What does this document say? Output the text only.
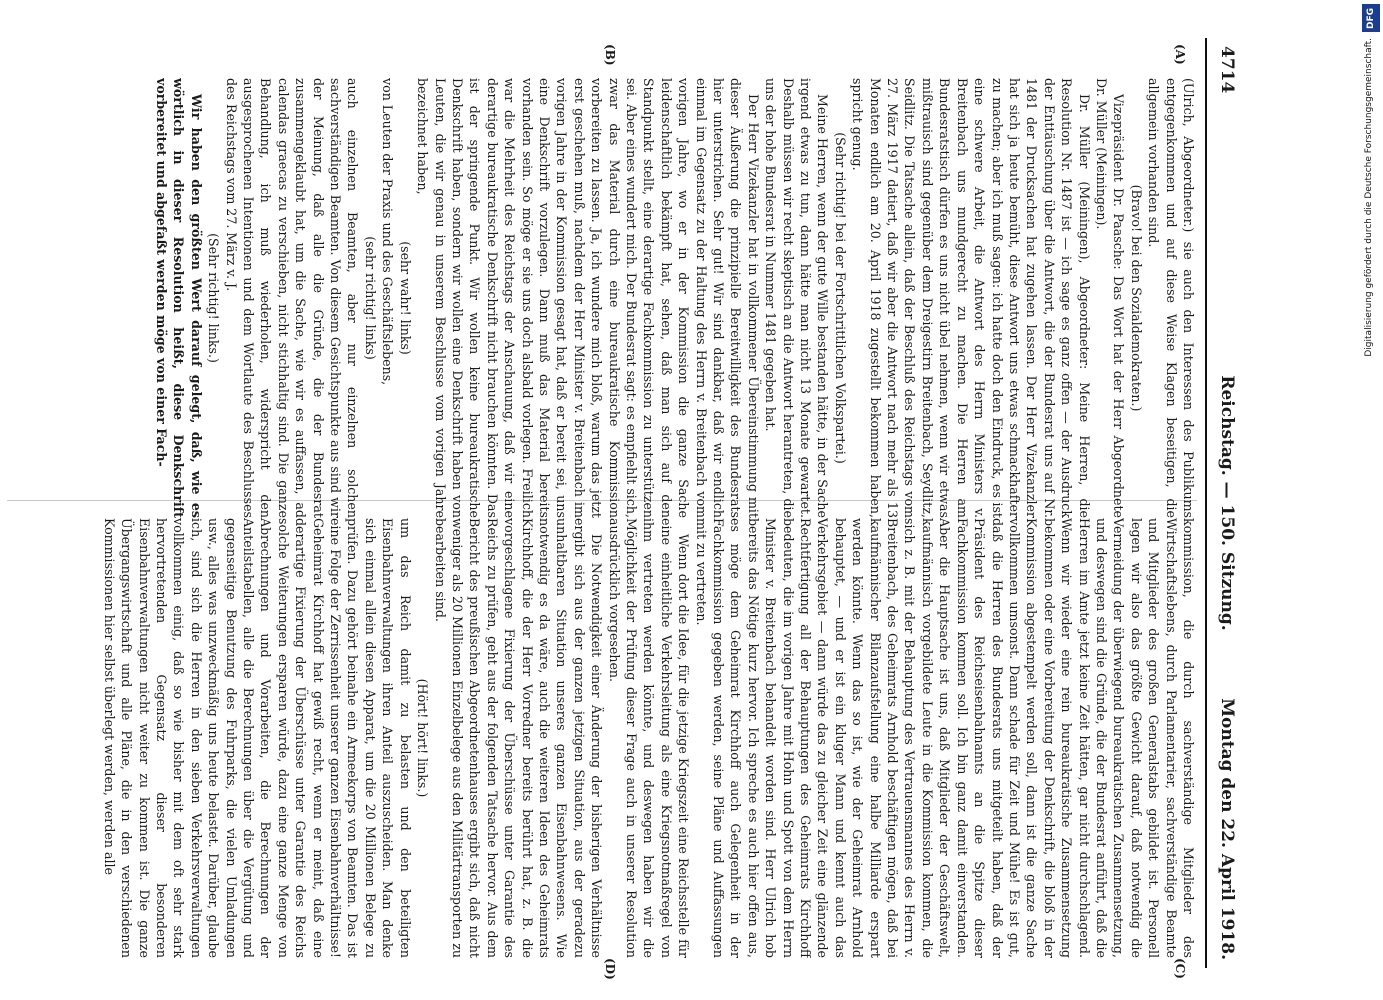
4714
Reichstag. — 150. Sitzung.
Montag den 22. April 1918.
(A)
(B)
(C)
(D)

(Ulrich, Abgeordneter.) sie auch den Interessen des Publikums entgegenkommen und auf diese Weise Klagen beseitigen, die allgemein vorhanden sind.

(Bravo! bei den Sozialdemokraten.)

Vizepräsident Dr. Paasche: Das Wort hat der Herr Abgeordnete Dr. Müller (Meiningen).

Dr. Müller (Meiningen), Abgeordneter: Meine Herren, die Resolution Nr. 1487 ist — ich sage es ganz offen — der Ausdruck der Enttäuschung über die Antwort, die der Bundesrat uns auf Nr. 1481 der Drucksachen hat zugehen lassen. Der Herr Vizekanzler hat sich ja heute bemüht, diese Antwort uns etwas schmackhafter zu machen; aber ich muß sagen: ich hatte doch den Eindruck, es ist eine schwere Arbeit, die Antwort des Herrn Ministers v. Breitenbach uns mundgerecht zu machen. Die Herren am Bundesratstisch dürfen es uns nicht übel nehmen, wenn wir etwas mißtrauisch sind gegenüber dem Dreigestirn Breitenbach, Seydlitz, Seidlitz. Die Tatsache allein, daß der Beschluß des Reichstags vom 27. März 1917 datiert, daß wir aber die Antwort nach mehr als 13 Monaten endlich am 20. April 1918 zugestellt bekommen haben, spricht genug.

(Sehr richtig! bei der Fortschrittlichen Volkspartei.)

Meine Herren, wenn der gute Wille bestanden hätte, in der Sache irgend etwas zu tun, dann hätte man nicht 13 Monate gewartet. Deshalb müssen wir recht skeptisch an die Antwort herantreten, die uns der hohe Bundesrat in Nummer 1481 gegeben hat.

Der Herr Vizekanzler hat in vollkommener Übereinstimmung mit dieser Äußerung die prinzipielle Bereitwilligkeit des Bundesrats hier unterstrichen. Sehr gut! Wir sind dankbar, daß wir endlich einmal im Gegensatz zu der Haltung des Herrn v. Breitenbach vom vorigen Jahre, wo er in der Kommission die ganze Sache leidenschaftlich bekämpft hat, sehen, daß man sich auf den Standpunkt stellt, eine derartige Fachkommission zu unterstützen sei. Aber eines wundert mich. Der Bundesrat sagt: es empfiehlt sich, zwar das Material durch eine bureaukratische Kommission vorbereiten zu lassen. Ja, ich wundere mich bloß, warum das jetzt erst geschehen muß, nachdem der Herr Minister v. Breitenbach im vorigen Jahre in der Kommission gesagt hat, daß er bereit sei, uns eine Denkschrift vorzulegen. Dann muß das Material bereits vorhanden sein. So möge er sie uns doch alsbald vorlegen. Freilich war die Mehrheit des Reichstags der Anschauung, daß wir eine derartige bureaukratische Denkschrift nicht brauchen könnten. Das ist der springende Punkt. Wir wollen keine bureaukratische Denkschrift haben, sondern wir wollen eine Denkschrift haben von Leuten, die wir genau in unserem Beschlusse vom vorigen Jahre bezeichnet haben,

(sehr wahr! links)

von Leuten der Praxis und des Geschäftslebens,

(sehr richtig! links)

auch einzelnen Beamten, aber nur einzelnen solchen sachverständigen Beamten. Von diesem Gesichtspunkte aus sind wir der Meinung, daß alle die Gründe, die der Bundesrat zusammengeklaubt hat, um die Sache, wie wir es auffassen, ad calendas graecas zu verschieben, nicht stichhaltig sind. Die ganze Behandlung, ich muß wiederholen, widerspricht den ausgesprochenen Intentionen und dem Wortlaute des Beschlusses des Reichstags vom 27. März v. J.

(Sehr richtig! links.)

Wir haben den größten Wert darauf gelegt, daß, wie es wörtlich in dieser Resolution heißt, diese Denkschrift vorbereitet und abgefaßt werden möge von einer Fach-

kommission, die durch sachverständige Mitglieder des Wirtschaftslebens, durch Parlamentarier, sachverständige Beamte und Mitglieder des großen Generalstabs gebildet ist. Personell legen wir also das größte Gewicht darauf, daß notwendig die Vermeidung der überwiegend bureaukratischen Zusammensetzung, und deswegen sind die Gründe, die der Bundesrat anführt, daß die Herren im Amte jetzt keine Zeit hätten, gar nicht durchschlagend. Wenn wir wieder eine rein bureaukratische Zusammensetzung bekommen oder eine Vorbereitung der Denkschrift, die bloß in der Kommission abgestempelt werden soll, dann ist die ganze Sache vollkommen umsonst. Dann schade für Zeit und Mühe! Es ist gut, daß die Herren des Bundesrats uns mitgeteilt haben, daß der Präsident des Reichseisenbahnamts an die Spitze dieser Fachkommission kommen soll. Ich bin ganz damit einverstanden. Aber die Hauptsache ist uns, daß Mitglieder der Geschäftswelt, kaufmännisch vorgebildete Leute in die Kommission kommen, die sich z. B. mit der Behauptung des Vertrauensmannes des Herrn v. Breitenbach, des Geheimrats Arnhold beschäftigen mögen, daß bei kaufmännischer Bilanzaufstellung eine halbe Milliarde erspart werden könnte. Wenn das so ist, wie der Geheimrat Arnhold behauptet, — und er ist ein kluger Mann und kennt auch das Verkehrsgebiet — dann würde das zu gleicher Zeit eine glänzende Rechtfertigung all der Behauptungen des Geheimrats Kirchhoff bedeuten, die im vorigen Jahre mit Hohn und Spott von dem Herrn Minister v. Breitenbach behandelt worden sind. Herr Ulrich hob bereits das Nötige kurz hervor. Ich spreche es auch hier offen aus, es möge dem Geheimrat Kirchhoff auch Gelegenheit in der Fachkommission gegeben werden, seine Pläne und Auffassungen mit zu vertreten.

Wenn dort die Idee, für die jetzige Kriegszeit eine Reichsstelle für eine einheitliche Verkehrsleitung als eine Kriegsnotmaßregel von ihm vertreten werden könnte, und deswegen haben wir die Möglichkeit der Prüfung dieser Frage auch in unserer Resolution ausdrücklich vorgesehen.

Die Notwendigkeit einer Änderung der bisherigen Verhältnisse ergibt sich aus der ganzen jetzigen Situation, aus der geradezu unhaltbaren Situation unseres ganzen Eisenbahnwesens. Wie notwendig es da wäre, auch die weiteren Ideen des Geheimrats Kirchhoff, die der Herr Vorredner bereits berührt hat, z. B. die vorgeschlagene Fixierung der Überschüsse unter Garantie des Reichs zu prüfen, geht aus der folgenden Tatsache hervor. Aus dem Bericht des preußischen Abgeordnetenhauses ergibt sich, daß nicht weniger als 20 Millionen Einzelbelege aus den Militärtransporten zu bearbeiten sind.

(Hört! hört! links.)

um das Reich damit zu belasten und den beteiligten Eisenbahnverwaltungen ihren Anteil auszuscheiden. Man denke sich einmal allein diesen Apparat, um die 20 Millionen Belege zu prüfen. Dazu gehört beinahe ein Armeekorps von Beamten. Das ist eine Folge der Zerrissenheit unserer ganzen Eisenbahnverhältnisse! Geheimrat Kirchhoff hat gewiß recht, wenn er meint, daß eine derartige Fixierung der Überschüsse unter Garantie des Reichs solche Weiterungen ersparen würde, dazu eine ganze Menge von Abrechnungen und Vorarbeiten, die Berechnungen der Anteilstabellen, alle die Berechnungen über die Vergütung und gegenseitige Benutzung des Fuhrparks, die vielen Umladungen usw., alles was unzweckmäßig uns heute belastet. Darüber, glaube ich, sind sich die Herren in den sieben Verkehrsverwaltungen vollkommen einig, daß so wie bisher mit dem oft sehr stark hervortretenden Gegensatz dieser besonderen Eisenbahnverwaltungen nicht weiter zu kommen ist. Die ganze Übergangswirtschaft und alle Pläne, die in den verschiedenen Kommissionen hier selbst überlegt werden, werden alle

DFG
Digitalisierung gefördert durch die Deutsche Forschungsgemeinschaft.
